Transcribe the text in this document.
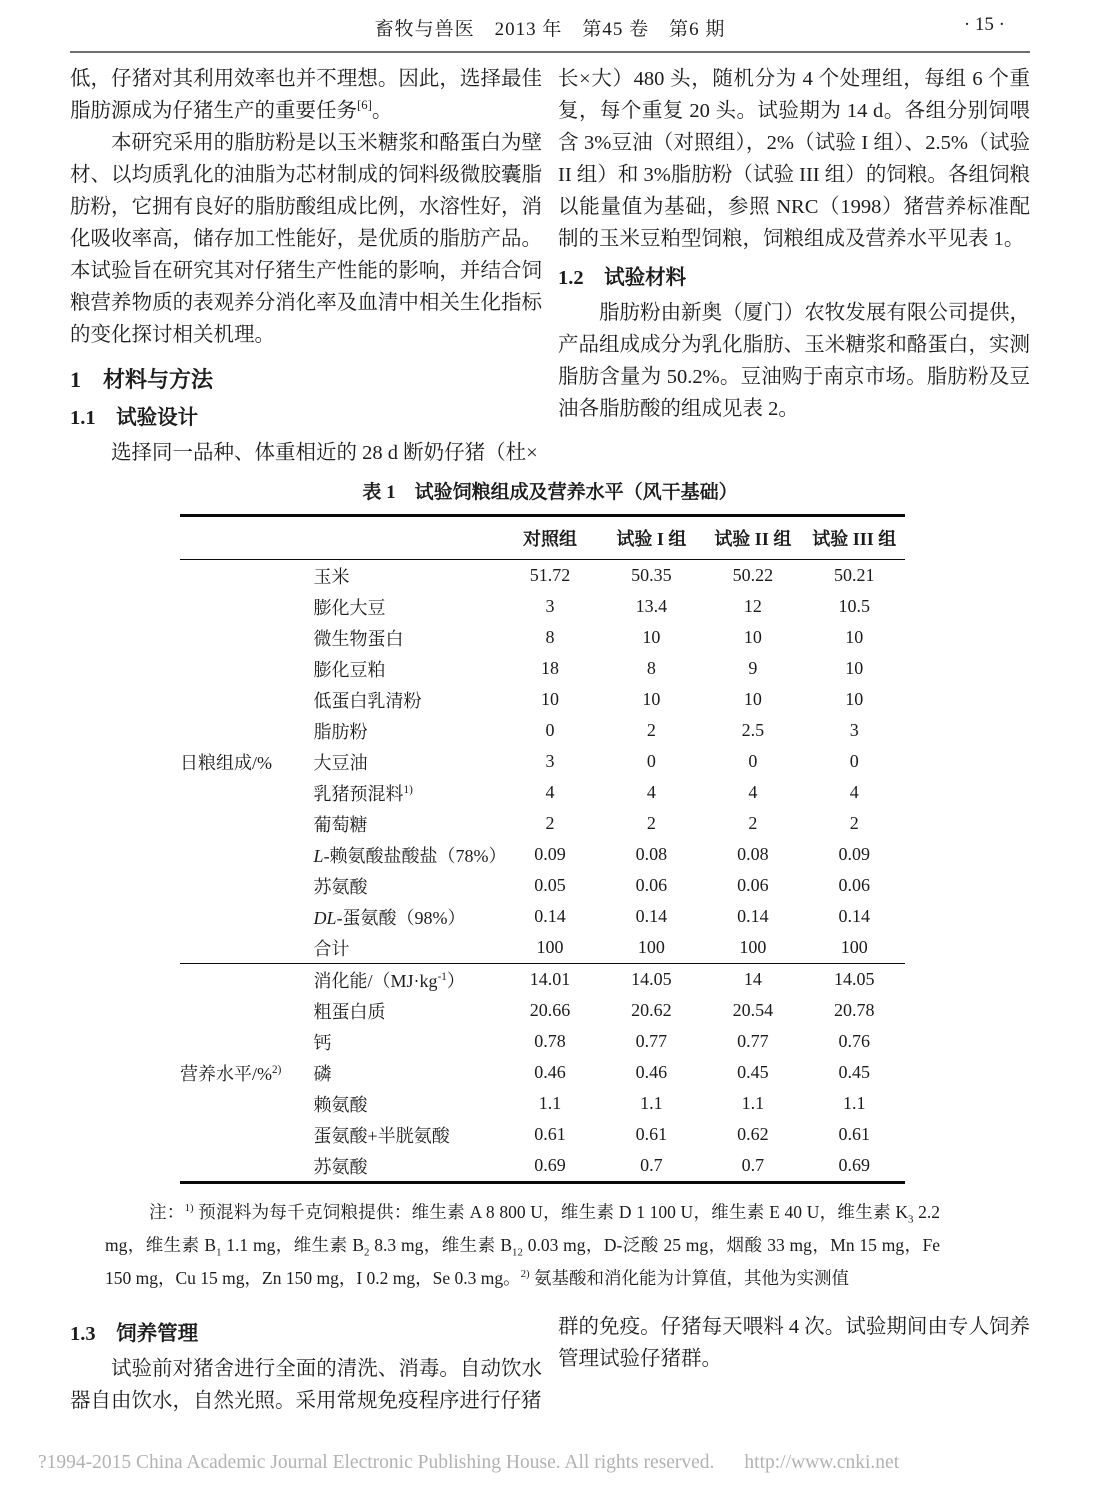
畜牧与兽医　2013 年　第45 卷　第6 期	· 15 ·

低，仔猪对其利用效率也并不理想。因此，选择最佳脂肪源成为仔猪生产的重要任务[6]。

本研究采用的脂肪粉是以玉米糖浆和酪蛋白为壁材、以均质乳化的油脂为芯材制成的饲料级微胶囊脂肪粉，它拥有良好的脂肪酸组成比例，水溶性好，消化吸收率高，储存加工性能好，是优质的脂肪产品。本试验旨在研究其对仔猪生产性能的影响，并结合饲粮营养物质的表观养分消化率及血清中相关生化指标的变化探讨相关机理。

1　材料与方法
1.1　试验设计

选择同一品种、体重相近的 28 d 断奶仔猪（杜×

长×大）480 头，随机分为 4 个处理组，每组 6 个重复，每个重复 20 头。试验期为 14 d。各组分别饲喂含 3%豆油（对照组），2%（试验 I 组）、2.5%（试验 II 组）和 3%脂肪粉（试验 III 组）的饲粮。各组饲粮以能量值为基础，参照 NRC（1998）猪营养标准配制的玉米豆粕型饲粮，饲粮组成及营养水平见表 1。

1.2　试验材料

脂肪粉由新奥（厦门）农牧发展有限公司提供，产品组成成分为乳化脂肪、玉米糖浆和酪蛋白，实测脂肪含量为 50.2%。豆油购于南京市场。脂肪粉及豆油各脂肪酸的组成见表 2。

表 1　试验饲粮组成及营养水平（风干基础）
		对照组	试验 I 组	试验 II 组	试验 III 组
日粮组成/%	玉米	51.72	50.35	50.22	50.21
	膨化大豆	3	13.4	12	10.5
	微生物蛋白	8	10	10	10
	膨化豆粕	18	8	9	10
	低蛋白乳清粉	10	10	10	10
	脂肪粉	0	2	2.5	3
	大豆油	3	0	0	0
	乳猪预混料$^{1)}$	4	4	4	4
	葡萄糖	2	2	2	2
	L-赖氨酸盐酸盐（78%）	0.09	0.08	0.08	0.09
	苏氨酸	0.05	0.06	0.06	0.06
	DL-蛋氨酸（98%）	0.14	0.14	0.14	0.14
	合计	100	100	100	100
营养水平/%$^{2)}$	消化能$/(MJ\cdot kg^{-1})$	14.01	14.05	14	14.05
	粗蛋白质	20.66	20.62	20.54	20.78
	钙	0.78	0.77	0.77	0.76
	磷	0.46	0.46	0.45	0.45
	赖氨酸	1.1	1.1	1.1	1.1
	蛋氨酸+半胱氨酸	0.61	0.61	0.62	0.61
	苏氨酸	0.69	0.7	0.7	0.69

注：$^{1)}$ 预混料为每千克饲粮提供：维生素 A 8 800 U，维生素 D 1 100 U，维生素 E 40 U，维生素 $K_3$ 2.2 mg，维生素 $B_1$ 1.1 mg，维生素 $B_2$ 8.3 mg，维生素 $B_{12}$ 0.03 mg，D-泛酸 25 mg，烟酸 33 mg，Mn 15 mg，Fe 150 mg，Cu 15 mg，Zn 150 mg，I 0.2 mg，Se 0.3 mg。$^{2)}$ 氨基酸和消化能为计算值，其他为实测值

1.3　饲养管理

试验前对猪舍进行全面的清洗、消毒。自动饮水器自由饮水，自然光照。采用常规免疫程序进行仔猪

群的免疫。仔猪每天喂料 4 次。试验期间由专人饲养管理试验仔猪群。

?1994-2015 China Academic Journal Electronic Publishing House. All rights reserved. http://www.cnki.net
